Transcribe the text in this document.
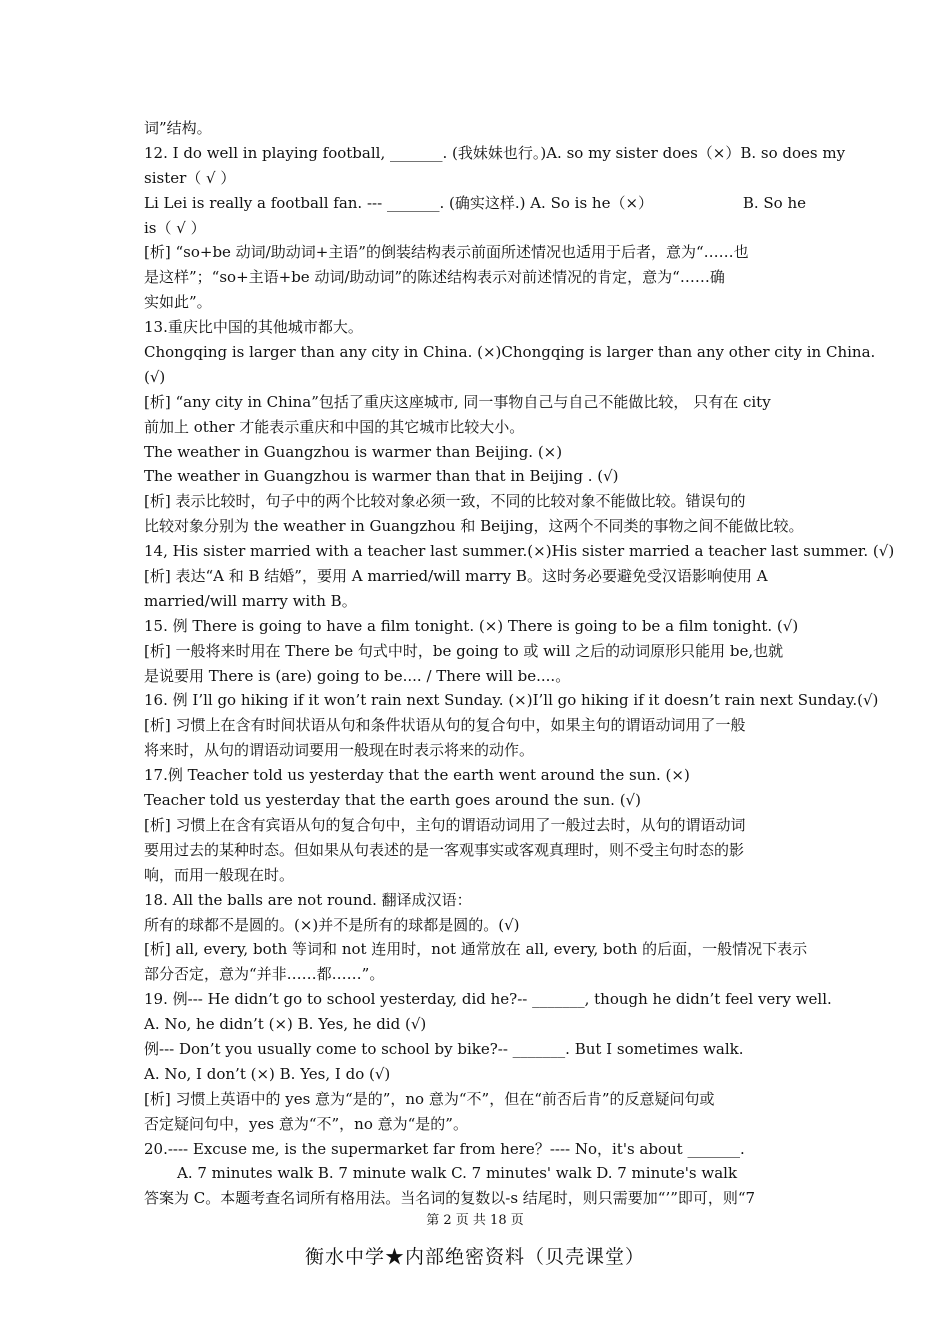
词”结构。
12. I do well in playing football, _______. (我妹妹也行。)A. so my sister does（×）B. so does my
sister（ √ ）
Li Lei is really a football fan. --- _______. (确实这样.) A. So is he（×）	B. So he
is（ √ ）
[析] “so+be 动词/助动词+主语”的倒装结构表示前面所述情况也适用于后者，意为“……也
是这样”；“so+主语+be 动词/助动词”的陈述结构表示对前述情况的肯定，意为“……确
实如此”。
13.重庆比中国的其他城市都大。
Chongqing is larger than any city in China. (×)Chongqing is larger than any other city in China.
(√)
[析] “any city in China”包括了重庆这座城市, 同一事物自己与自己不能做比较， 只有在 city
前加上 other 才能表示重庆和中国的其它城市比较大小。
The weather in Guangzhou is warmer than Beijing. (×)
The weather in Guangzhou is warmer than that in Beijing . (√)
[析] 表示比较时，句子中的两个比较对象必须一致，不同的比较对象不能做比较。错误句的
比较对象分别为 the weather in Guangzhou 和 Beijing，这两个不同类的事物之间不能做比较。
14, His sister married with a teacher last summer.(×)His sister married a teacher last summer. (√)
[析] 表达“A 和 B 结婚”，要用 A married/will marry B。这时务必要避免受汉语影响使用 A
married/will marry with B。
15. 例 There is going to have a film tonight. (×) There is going to be a film tonight. (√)
[析] 一般将来时用在 There be 句式中时，be going to 或 will 之后的动词原形只能用 be,也就
是说要用 There is (are) going to be.... / There will be....。
16. 例 I’ll go hiking if it won’t rain next Sunday. (×)I’ll go hiking if it doesn’t rain next Sunday.(√)
[析] 习惯上在含有时间状语从句和条件状语从句的复合句中，如果主句的谓语动词用了一般
将来时，从句的谓语动词要用一般现在时表示将来的动作。
17.例 Teacher told us yesterday that the earth went around the sun. (×)
Teacher told us yesterday that the earth goes around the sun. (√)
[析] 习惯上在含有宾语从句的复合句中，主句的谓语动词用了一般过去时，从句的谓语动词
要用过去的某种时态。但如果从句表述的是一客观事实或客观真理时，则不受主句时态的影
响，而用一般现在时。
18. All the balls are not round. 翻译成汉语：
所有的球都不是圆的。(×)并不是所有的球都是圆的。(√)
[析] all, every, both 等词和 not 连用时，not 通常放在 all, every, both 的后面，一般情况下表示
部分否定，意为“并非……都……”。
19. 例--- He didn’t go to school yesterday, did he?-- _______, though he didn’t feel very well.
A. No, he didn’t (×) B. Yes, he did (√)
例--- Don’t you usually come to school by bike?-- _______. But I sometimes walk.
A. No, I don’t (×) B. Yes, I do (√)
[析] 习惯上英语中的 yes 意为“是的”，no 意为“不”，但在“前否后肯”的反意疑问句或
否定疑问句中，yes 意为“不”，no 意为“是的”。
20.---- Excuse me, is the supermarket far from here？---- No，it's about _______.
A. 7 minutes walk B. 7 minute walk C. 7 minutes' walk D. 7 minute's walk
答案为 C。本题考查名词所有格用法。当名词的复数以-s 结尾时，则只需要加“’”即可，则“7
第 2 页 共 18 页
衡水中学★内部绝密资料（贝壳课堂）
